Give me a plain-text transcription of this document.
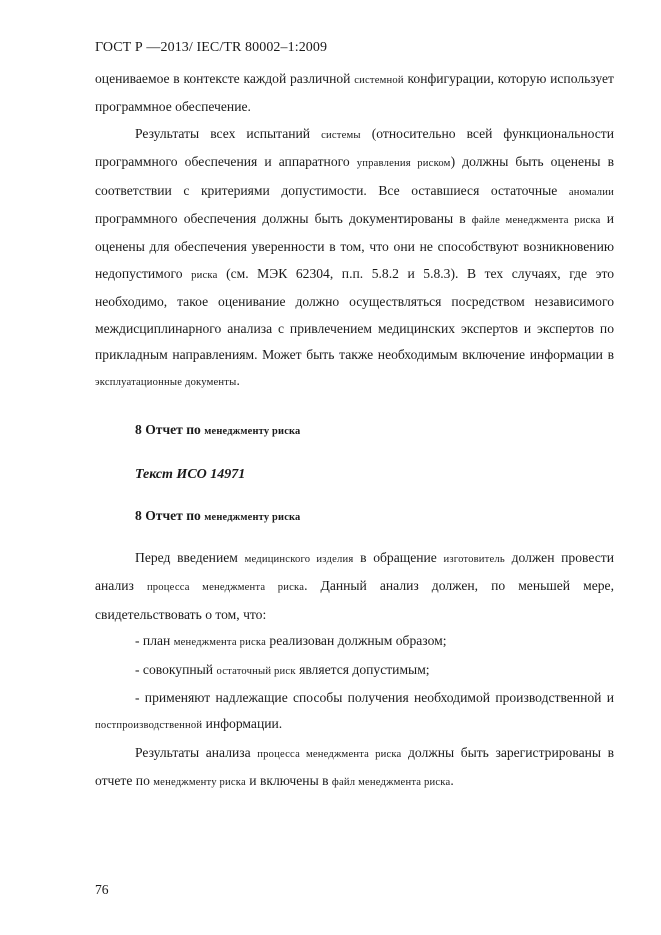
ГОСТ Р —2013/ IEC/TR 80002–1:2009

оцениваемое в контексте каждой различной системной конфигурации, которую использует программное обеспечение.

Результаты всех испытаний системы (относительно всей функциональности программного обеспечения и аппаратного управления риском) должны быть оценены в соответствии с критериями допустимости. Все оставшиеся остаточные аномалии программного обеспечения должны быть документированы в файле менеджмента риска и оценены для обеспечения уверенности в том, что они не способствуют возникновению недопустимого риска (см. МЭК 62304, п.п. 5.8.2 и 5.8.3). В тех случаях, где это необходимо, такое оценивание должно осуществляться посредством независимого междисциплинарного анализа с привлечением медицинских экспертов и экспертов по прикладным направлениям. Может быть также необходимым включение информации в эксплуатационные документы.

8 Отчет по менеджменту риска

Текст ИСО 14971

8 Отчет по менеджменту риска

Перед введением медицинского изделия в обращение изготовитель должен провести анализ процесса менеджмента риска. Данный анализ должен, по меньшей мере, свидетельствовать о том, что:

- план менеджмента риска реализован должным образом;

- совокупный остаточный риск является допустимым;

- применяют надлежащие способы получения необходимой производственной и постпроизводственной информации.

Результаты анализа процесса менеджмента риска должны быть зарегистрированы в отчете по менеджменту риска и включены в файл менеджмента риска.

76
